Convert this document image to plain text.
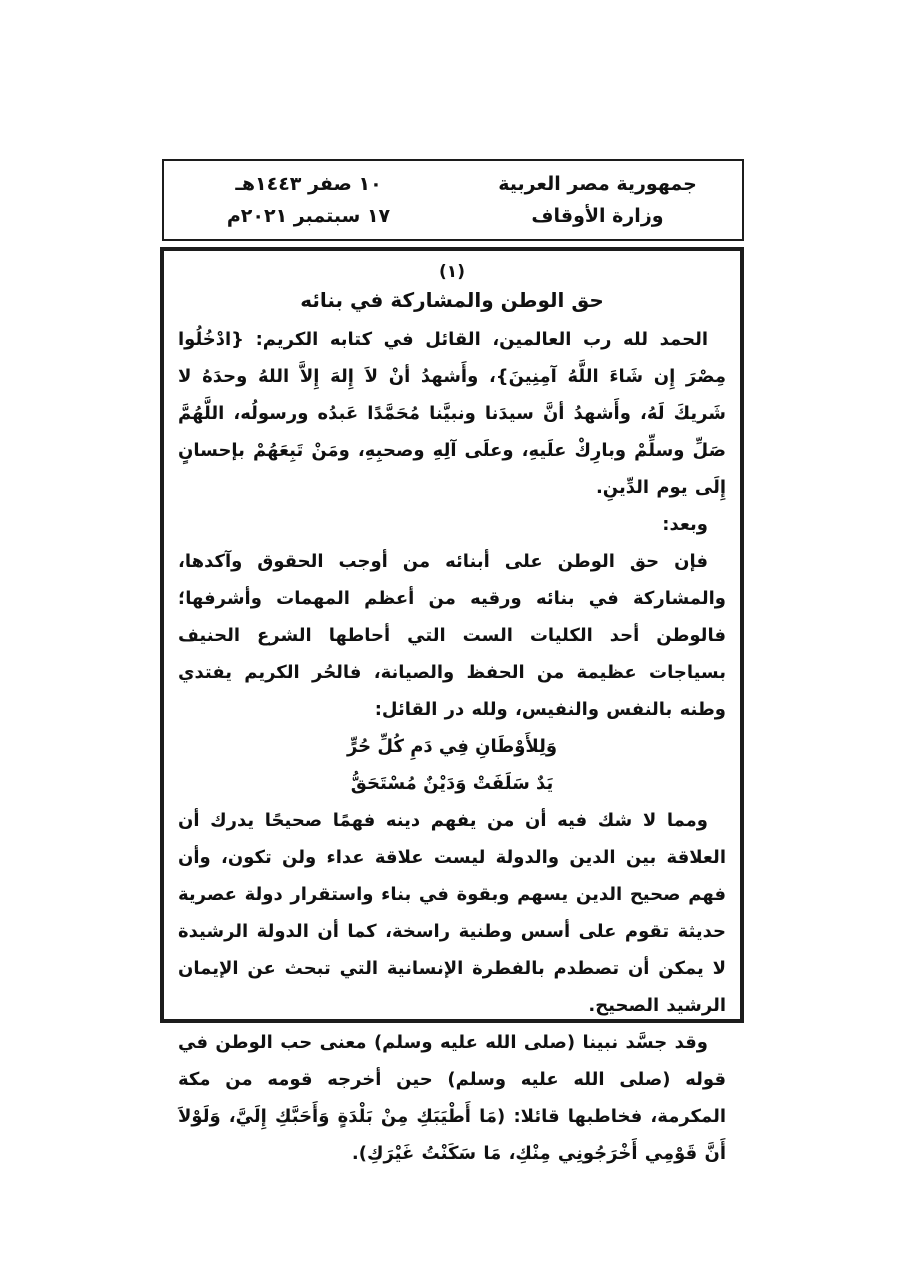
جمهورية مصر العربية
وزارة الأوقاف
١٠ صفر ١٤٤٣هـ
١٧ سبتمبر ٢٠٢١م
(١)
حق الوطن والمشاركة في بنائه

الحمد لله رب العالمين، القائل في كتابه الكريم: {ادْخُلُوا مِصْرَ إِن شَاءَ اللَّهُ آمِنِينَ}، وأَشهدُ أنْ لاَ إِلهَ إِلاَّ اللهُ وحدَهُ لا شَريكَ لَهُ، وأَشهدُ أنَّ سيدَنا ونبيَّنا مُحَمَّدًا عَبدُه ورسولُه، اللَّهُمَّ صَلِّ وسلِّمْ وبارِكْ علَيهِ، وعلَى آلِهِ وصحبِهِ، ومَنْ تَبِعَهُمْ بإحسانٍ إِلَى يوم الدِّينِ.

وبعد:

فإن حق الوطن على أبنائه من أوجب الحقوق وآكدها، والمشاركة في بنائه ورقيه من أعظم المهمات وأشرفها؛ فالوطن أحد الكليات الست التي أحاطها الشرع الحنيف بسياجات عظيمة من الحفظ والصيانة، فالحُر الكريم يفتدي وطنه بالنفس والنفيس، ولله در القائل:

وَلِلأَوْطَانِ فِي دَمِ كُلِّ حُرٍّ
يَدٌ سَلَفَتْ وَدَيْنٌ مُسْتَحَقُّ

ومما لا شك فيه أن من يفهم دينه فهمًا صحيحًا يدرك أن العلاقة بين الدين والدولة ليست علاقة عداء ولن تكون، وأن فهم صحيح الدين يسهم وبقوة في بناء واستقرار دولة عصرية حديثة تقوم على أسس وطنية راسخة، كما أن الدولة الرشيدة لا يمكن أن تصطدم بالفطرة الإنسانية التي تبحث عن الإيمان الرشيد الصحيح.

وقد جسَّد نبينا (صلى الله عليه وسلم) معنى حب الوطن في قوله (صلى الله عليه وسلم) حين أخرجه قومه من مكة المكرمة، فخاطبها قائلا: (مَا أَطْيَبَكِ مِنْ بَلْدَةٍ وَأَحَبَّكِ إِلَيَّ، وَلَوْلاَ أَنَّ قَوْمِي أَخْرَجُونِي مِنْكِ، مَا سَكَنْتُ غَيْرَكِ).
